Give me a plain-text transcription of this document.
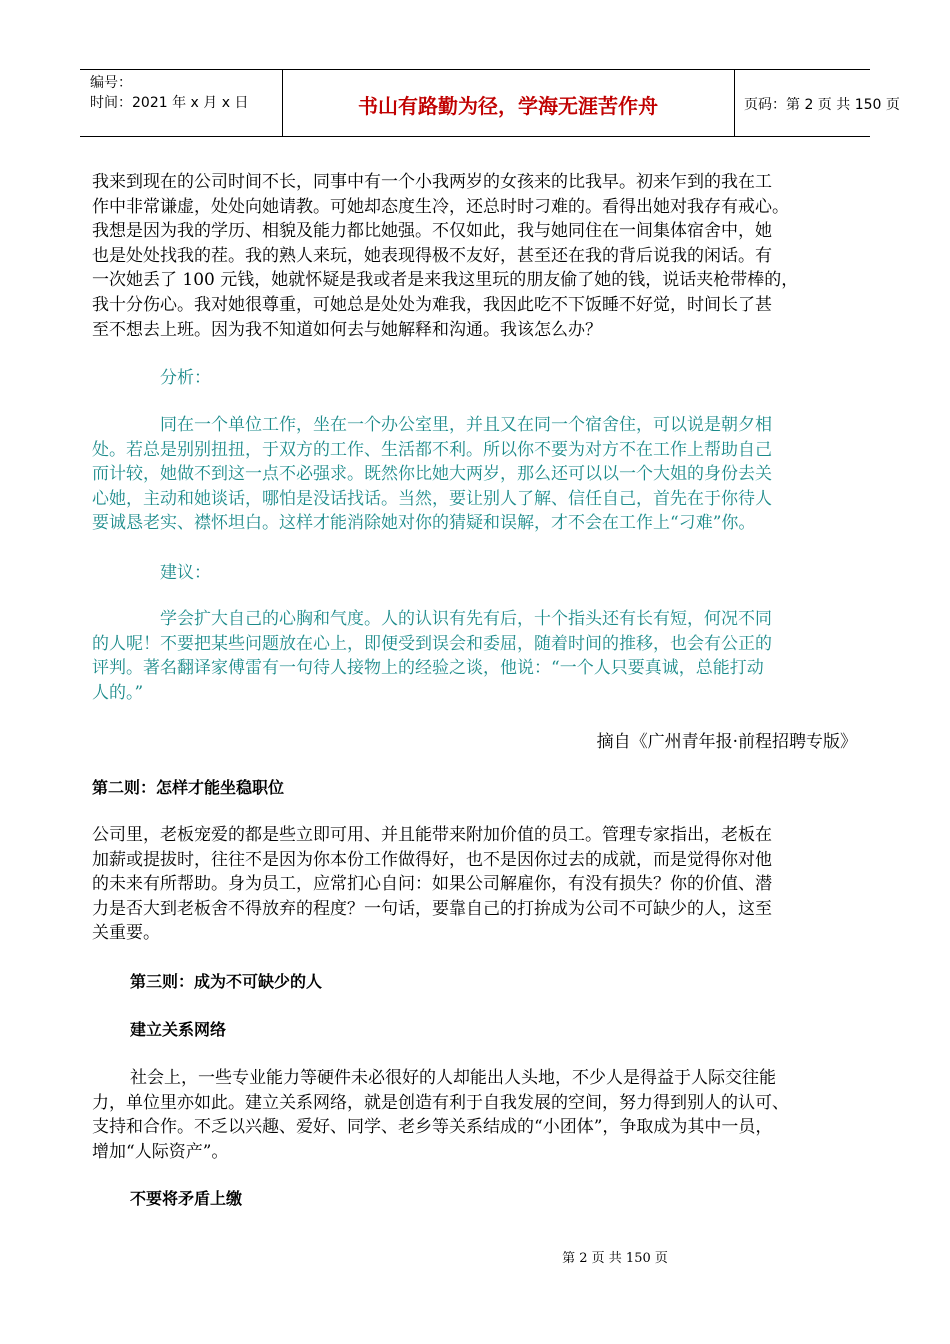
编号：
时间：2021 年 x 月 x 日	书山有路勤为径，学海无涯苦作舟	页码：第 2 页 共 150 页
我来到现在的公司时间不长，同事中有一个小我两岁的女孩来的比我早。初来乍到的我在工
作中非常谦虚，处处向她请教。可她却态度生冷，还总时时刁难的。看得出她对我存有戒心。
我想是因为我的学历、相貌及能力都比她强。不仅如此，我与她同住在一间集体宿舍中，她
也是处处找我的茬。我的熟人来玩，她表现得极不友好，甚至还在我的背后说我的闲话。有
一次她丢了 100 元钱，她就怀疑是我或者是来我这里玩的朋友偷了她的钱，说话夹枪带棒的，
我十分伤心。我对她很尊重，可她总是处处为难我，我因此吃不下饭睡不好觉，时间长了甚
至不想去上班。因为我不知道如何去与她解释和沟通。我该怎么办？
分析：
同在一个单位工作，坐在一个办公室里，并且又在同一个宿舍住，可以说是朝夕相
处。若总是别别扭扭，于双方的工作、生活都不利。所以你不要为对方不在工作上帮助自己
而计较，她做不到这一点不必强求。既然你比她大两岁，那么还可以以一个大姐的身份去关
心她，主动和她谈话，哪怕是没话找话。当然，要让别人了解、信任自己，首先在于你待人
要诚恳老实、襟怀坦白。这样才能消除她对你的猜疑和误解，才不会在工作上“刁难”你。
建议：
学会扩大自己的心胸和气度。人的认识有先有后，十个指头还有长有短，何况不同
的人呢！不要把某些问题放在心上，即便受到误会和委屈，随着时间的推移，也会有公正的
评判。著名翻译家傅雷有一句待人接物上的经验之谈，他说：“一个人只要真诚，总能打动
人的。”
摘自《广州青年报·前程招聘专版》
第二则：怎样才能坐稳职位
公司里，老板宠爱的都是些立即可用、并且能带来附加价值的员工。管理专家指出，老板在
加薪或提拔时，往往不是因为你本份工作做得好，也不是因你过去的成就，而是觉得你对他
的未来有所帮助。身为员工，应常扪心自问：如果公司解雇你，有没有损失？你的价值、潜
力是否大到老板舍不得放弃的程度？一句话，要靠自己的打拚成为公司不可缺少的人，这至
关重要。
第三则：成为不可缺少的人
建立关系网络
社会上，一些专业能力等硬件未必很好的人却能出人头地，不少人是得益于人际交往能
力，单位里亦如此。建立关系网络，就是创造有利于自我发展的空间，努力得到别人的认可、
支持和合作。不乏以兴趣、爱好、同学、老乡等关系结成的“小团体”，争取成为其中一员，
增加“人际资产”。
不要将矛盾上缴
第 2 页 共 150 页
